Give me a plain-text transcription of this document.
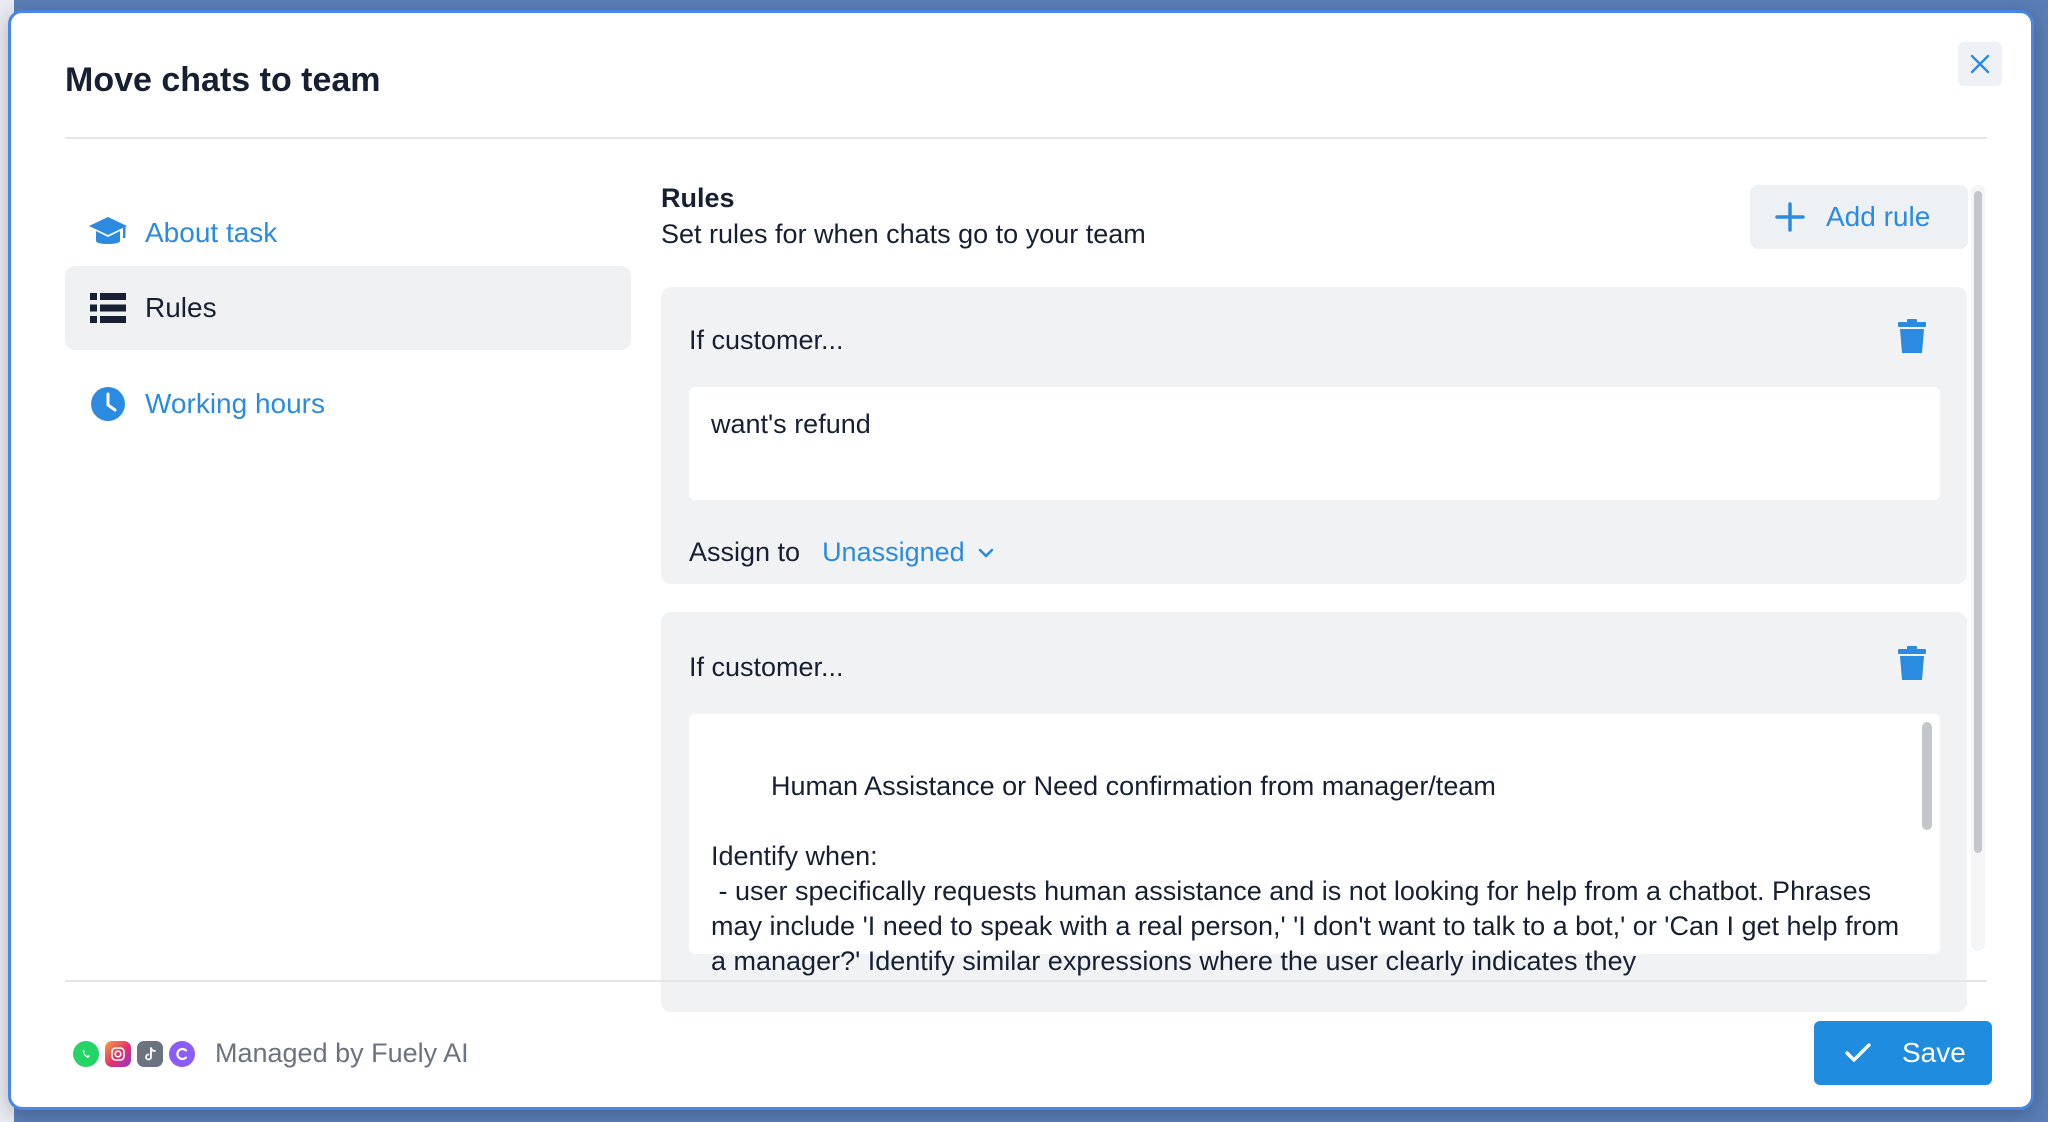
Move chats to team
About task
Rules
Working hours
Rules
Set rules for when chats go to your team
Add rule
If customer...
want's refund
Assign to Unassigned
If customer...

Human Assistance or Need confirmation from manager/team

Identify when:
- user specifically requests human assistance and is not looking for help from a chatbot. Phrases may include 'I need to speak with a real person,' 'I don't want to talk to a bot,' or 'Can I get help from a manager?' Identify similar expressions where the user clearly indicates they

Managed by Fuely AI	Save
